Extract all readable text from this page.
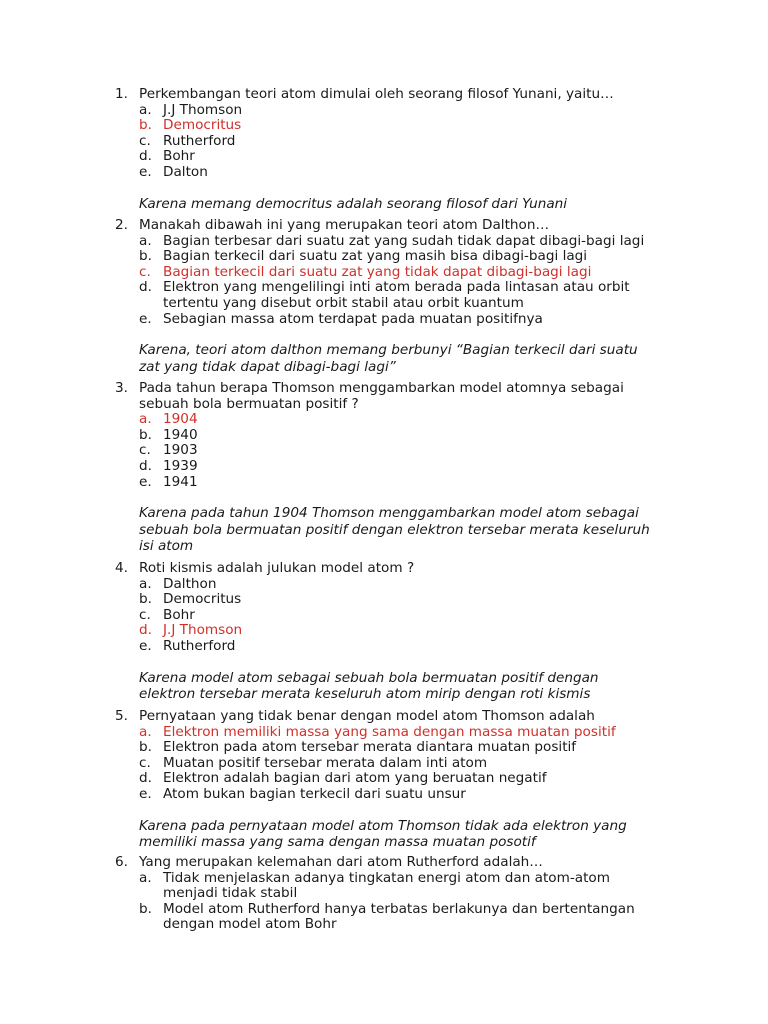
1. Perkembangan teori atom dimulai oleh seorang filosof Yunani, yaitu…
a. J.J Thomson
b. Democritus
c. Rutherford
d. Bohr
e. Dalton
Karena memang democritus adalah seorang filosof dari Yunani
2. Manakah dibawah ini yang merupakan teori atom Dalthon…
a. Bagian terbesar dari suatu zat yang sudah tidak dapat dibagi-bagi lagi
b. Bagian terkecil dari suatu zat yang masih bisa dibagi-bagi lagi
c. Bagian terkecil dari suatu zat yang tidak dapat dibagi-bagi lagi
d. Elektron yang mengelilingi inti atom berada pada lintasan atau orbit
tertentu yang disebut orbit stabil atau orbit kuantum
e. Sebagian massa atom terdapat pada muatan positifnya
Karena, teori atom dalthon memang berbunyi “Bagian terkecil dari suatu
zat yang tidak dapat dibagi-bagi lagi”
3. Pada tahun berapa Thomson menggambarkan model atomnya sebagai
sebuah bola bermuatan positif ?
a. 1904
b. 1940
c. 1903
d. 1939
e. 1941
Karena pada tahun 1904 Thomson menggambarkan model atom sebagai
sebuah bola bermuatan positif dengan elektron tersebar merata keseluruh
isi atom
4. Roti kismis adalah julukan model atom ?
a. Dalthon
b. Democritus
c. Bohr
d. J.J Thomson
e. Rutherford
Karena model atom sebagai sebuah bola bermuatan positif dengan
elektron tersebar merata keseluruh atom mirip dengan roti kismis
5. Pernyataan yang tidak benar dengan model atom Thomson adalah
a. Elektron memiliki massa yang sama dengan massa muatan positif
b. Elektron pada atom tersebar merata diantara muatan positif
c. Muatan positif tersebar merata dalam inti atom
d. Elektron adalah bagian dari atom yang beruatan negatif
e. Atom bukan bagian terkecil dari suatu unsur
Karena pada pernyataan model atom Thomson tidak ada elektron yang
memiliki massa yang sama dengan massa muatan posotif
6. Yang merupakan kelemahan dari atom Rutherford adalah…
a. Tidak menjelaskan adanya tingkatan energi atom dan atom-atom
menjadi tidak stabil
b. Model atom Rutherford hanya terbatas berlakunya dan bertentangan
dengan model atom Bohr
